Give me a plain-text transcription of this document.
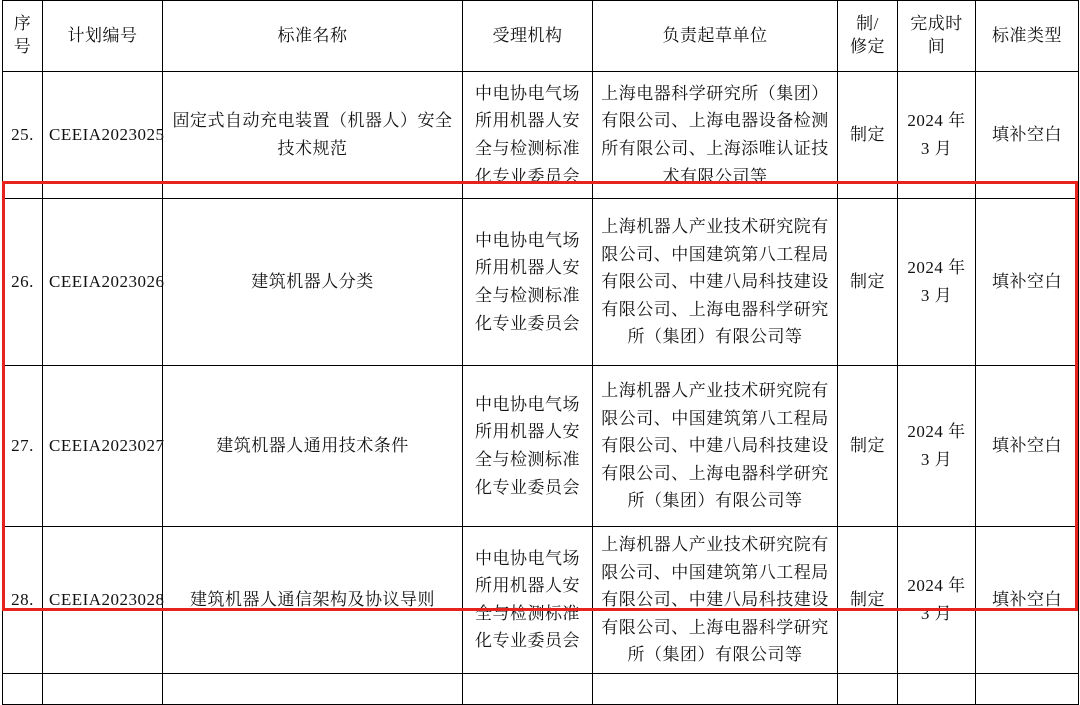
序
号	计划编号	标准名称	受理机构	负责起草单位	制/
修定	完成时
间	标准类型
25.	CEEIA2023025	固定式自动充电装置（机器人）安全技术规范	中电协电气场所用机器人安全与检测标准化专业委员会	上海电器科学研究所（集团）有限公司、上海电器设备检测所有限公司、上海添唯认证技术有限公司等	制定	2024 年
3 月	填补空白
26.	CEEIA2023026	建筑机器人分类	中电协电气场所用机器人安全与检测标准化专业委员会	上海机器人产业技术研究院有限公司、中国建筑第八工程局有限公司、中建八局科技建设有限公司、上海电器科学研究所（集团）有限公司等	制定	2024 年
3 月	填补空白
27.	CEEIA2023027	建筑机器人通用技术条件	中电协电气场所用机器人安全与检测标准化专业委员会	上海机器人产业技术研究院有限公司、中国建筑第八工程局有限公司、中建八局科技建设有限公司、上海电器科学研究所（集团）有限公司等	制定	2024 年
3 月	填补空白
28.	CEEIA2023028	建筑机器人通信架构及协议导则	中电协电气场所用机器人安全与检测标准化专业委员会	上海机器人产业技术研究院有限公司、中国建筑第八工程局有限公司、中建八局科技建设有限公司、上海电器科学研究所（集团）有限公司等	制定	2024 年
3 月	填补空白
